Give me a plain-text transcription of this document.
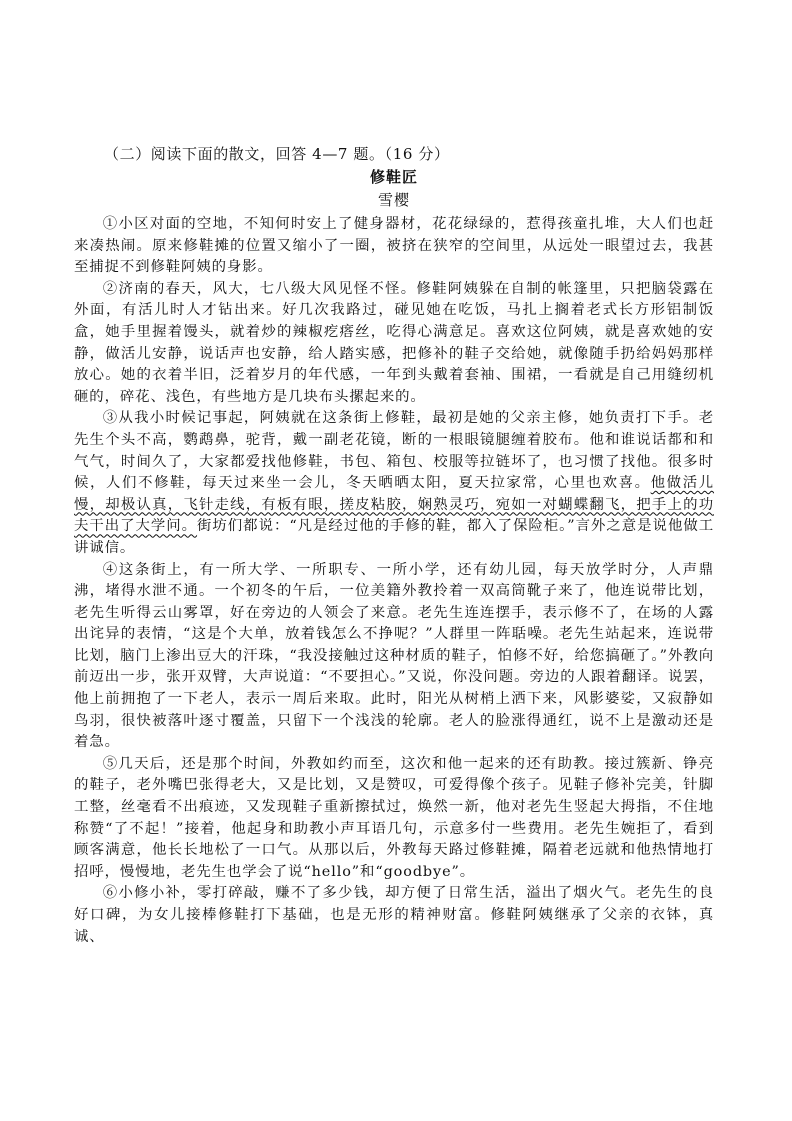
（二）阅读下面的散文，回答 4—7 题。（16 分）
修鞋匠
雪樱

①小区对面的空地，不知何时安上了健身器材，花花绿绿的，惹得孩童扎堆，大人们也赶来凑热闹。原来修鞋摊的位置又缩小了一圈，被挤在狭窄的空间里，从远处一眼望过去，我甚至捕捉不到修鞋阿姨的身影。

②济南的春天，风大，七八级大风见怪不怪。修鞋阿姨躲在自制的帐篷里，只把脑袋露在外面，有活儿时人才钻出来。好几次我路过，碰见她在吃饭，马扎上搁着老式长方形铝制饭盒，她手里握着馒头，就着炒的辣椒疙瘩丝，吃得心满意足。喜欢这位阿姨，就是喜欢她的安静，做活儿安静，说话声也安静，给人踏实感，把修补的鞋子交给她，就像随手扔给妈妈那样放心。她的衣着半旧，泛着岁月的年代感，一年到头戴着套袖、围裙，一看就是自己用缝纫机砸的，碎花、浅色，有些地方是几块布头摞起来的。

③从我小时候记事起，阿姨就在这条街上修鞋，最初是她的父亲主修，她负责打下手。老先生个头不高，鹦鹉鼻，驼背，戴一副老花镜，断的一根眼镜腿缠着胶布。他和谁说话都和和气气，时间久了，大家都爱找他修鞋，书包、箱包、校服等拉链坏了，也习惯了找他。很多时候，人们不修鞋，每天过来坐一会儿，冬天晒晒太阳，夏天拉家常，心里也欢喜。他做活儿慢，却极认真，飞针走线，有板有眼，搓皮粘胶，娴熟灵巧，宛如一对蝴蝶翻飞，把手上的功夫干出了大学问。街坊们都说：“凡是经过他的手修的鞋，都入了保险柜。”言外之意是说他做工讲诚信。

④这条街上，有一所大学、一所职专、一所小学，还有幼儿园，每天放学时分，人声鼎沸，堵得水泄不通。一个初冬的午后，一位美籍外教拎着一双高筒靴子来了，他连说带比划，老先生听得云山雾罩，好在旁边的人领会了来意。老先生连连摆手，表示修不了，在场的人露出诧异的表情，“这是个大单，放着钱怎么不挣呢？”人群里一阵聒噪。老先生站起来，连说带比划，脑门上渗出豆大的汗珠，“我没接触过这种材质的鞋子，怕修不好，给您搞砸了。”外教向前迈出一步，张开双臂，大声说道：“不要担心。”又说，你没问题。旁边的人跟着翻译。说罢，他上前拥抱了一下老人，表示一周后来取。此时，阳光从树梢上洒下来，风影婆娑，又寂静如鸟羽，很快被落叶逐寸覆盖，只留下一个浅浅的轮廓。老人的脸涨得通红，说不上是激动还是着急。

⑤几天后，还是那个时间，外教如约而至，这次和他一起来的还有助教。接过簇新、铮亮的鞋子，老外嘴巴张得老大，又是比划，又是赞叹，可爱得像个孩子。见鞋子修补完美，针脚工整，丝毫看不出痕迹，又发现鞋子重新擦拭过，焕然一新，他对老先生竖起大拇指，不住地称赞“了不起！”接着，他起身和助教小声耳语几句，示意多付一些费用。老先生婉拒了，看到顾客满意，他长长地松了一口气。从那以后，外教每天路过修鞋摊，隔着老远就和他热情地打招呼，慢慢地，老先生也学会了说“hello”和“goodbye”。

⑥小修小补，零打碎敲，赚不了多少钱，却方便了日常生活，溢出了烟火气。老先生的良好口碑，为女儿接棒修鞋打下基础，也是无形的精神财富。修鞋阿姨继承了父亲的衣钵，真诚、
